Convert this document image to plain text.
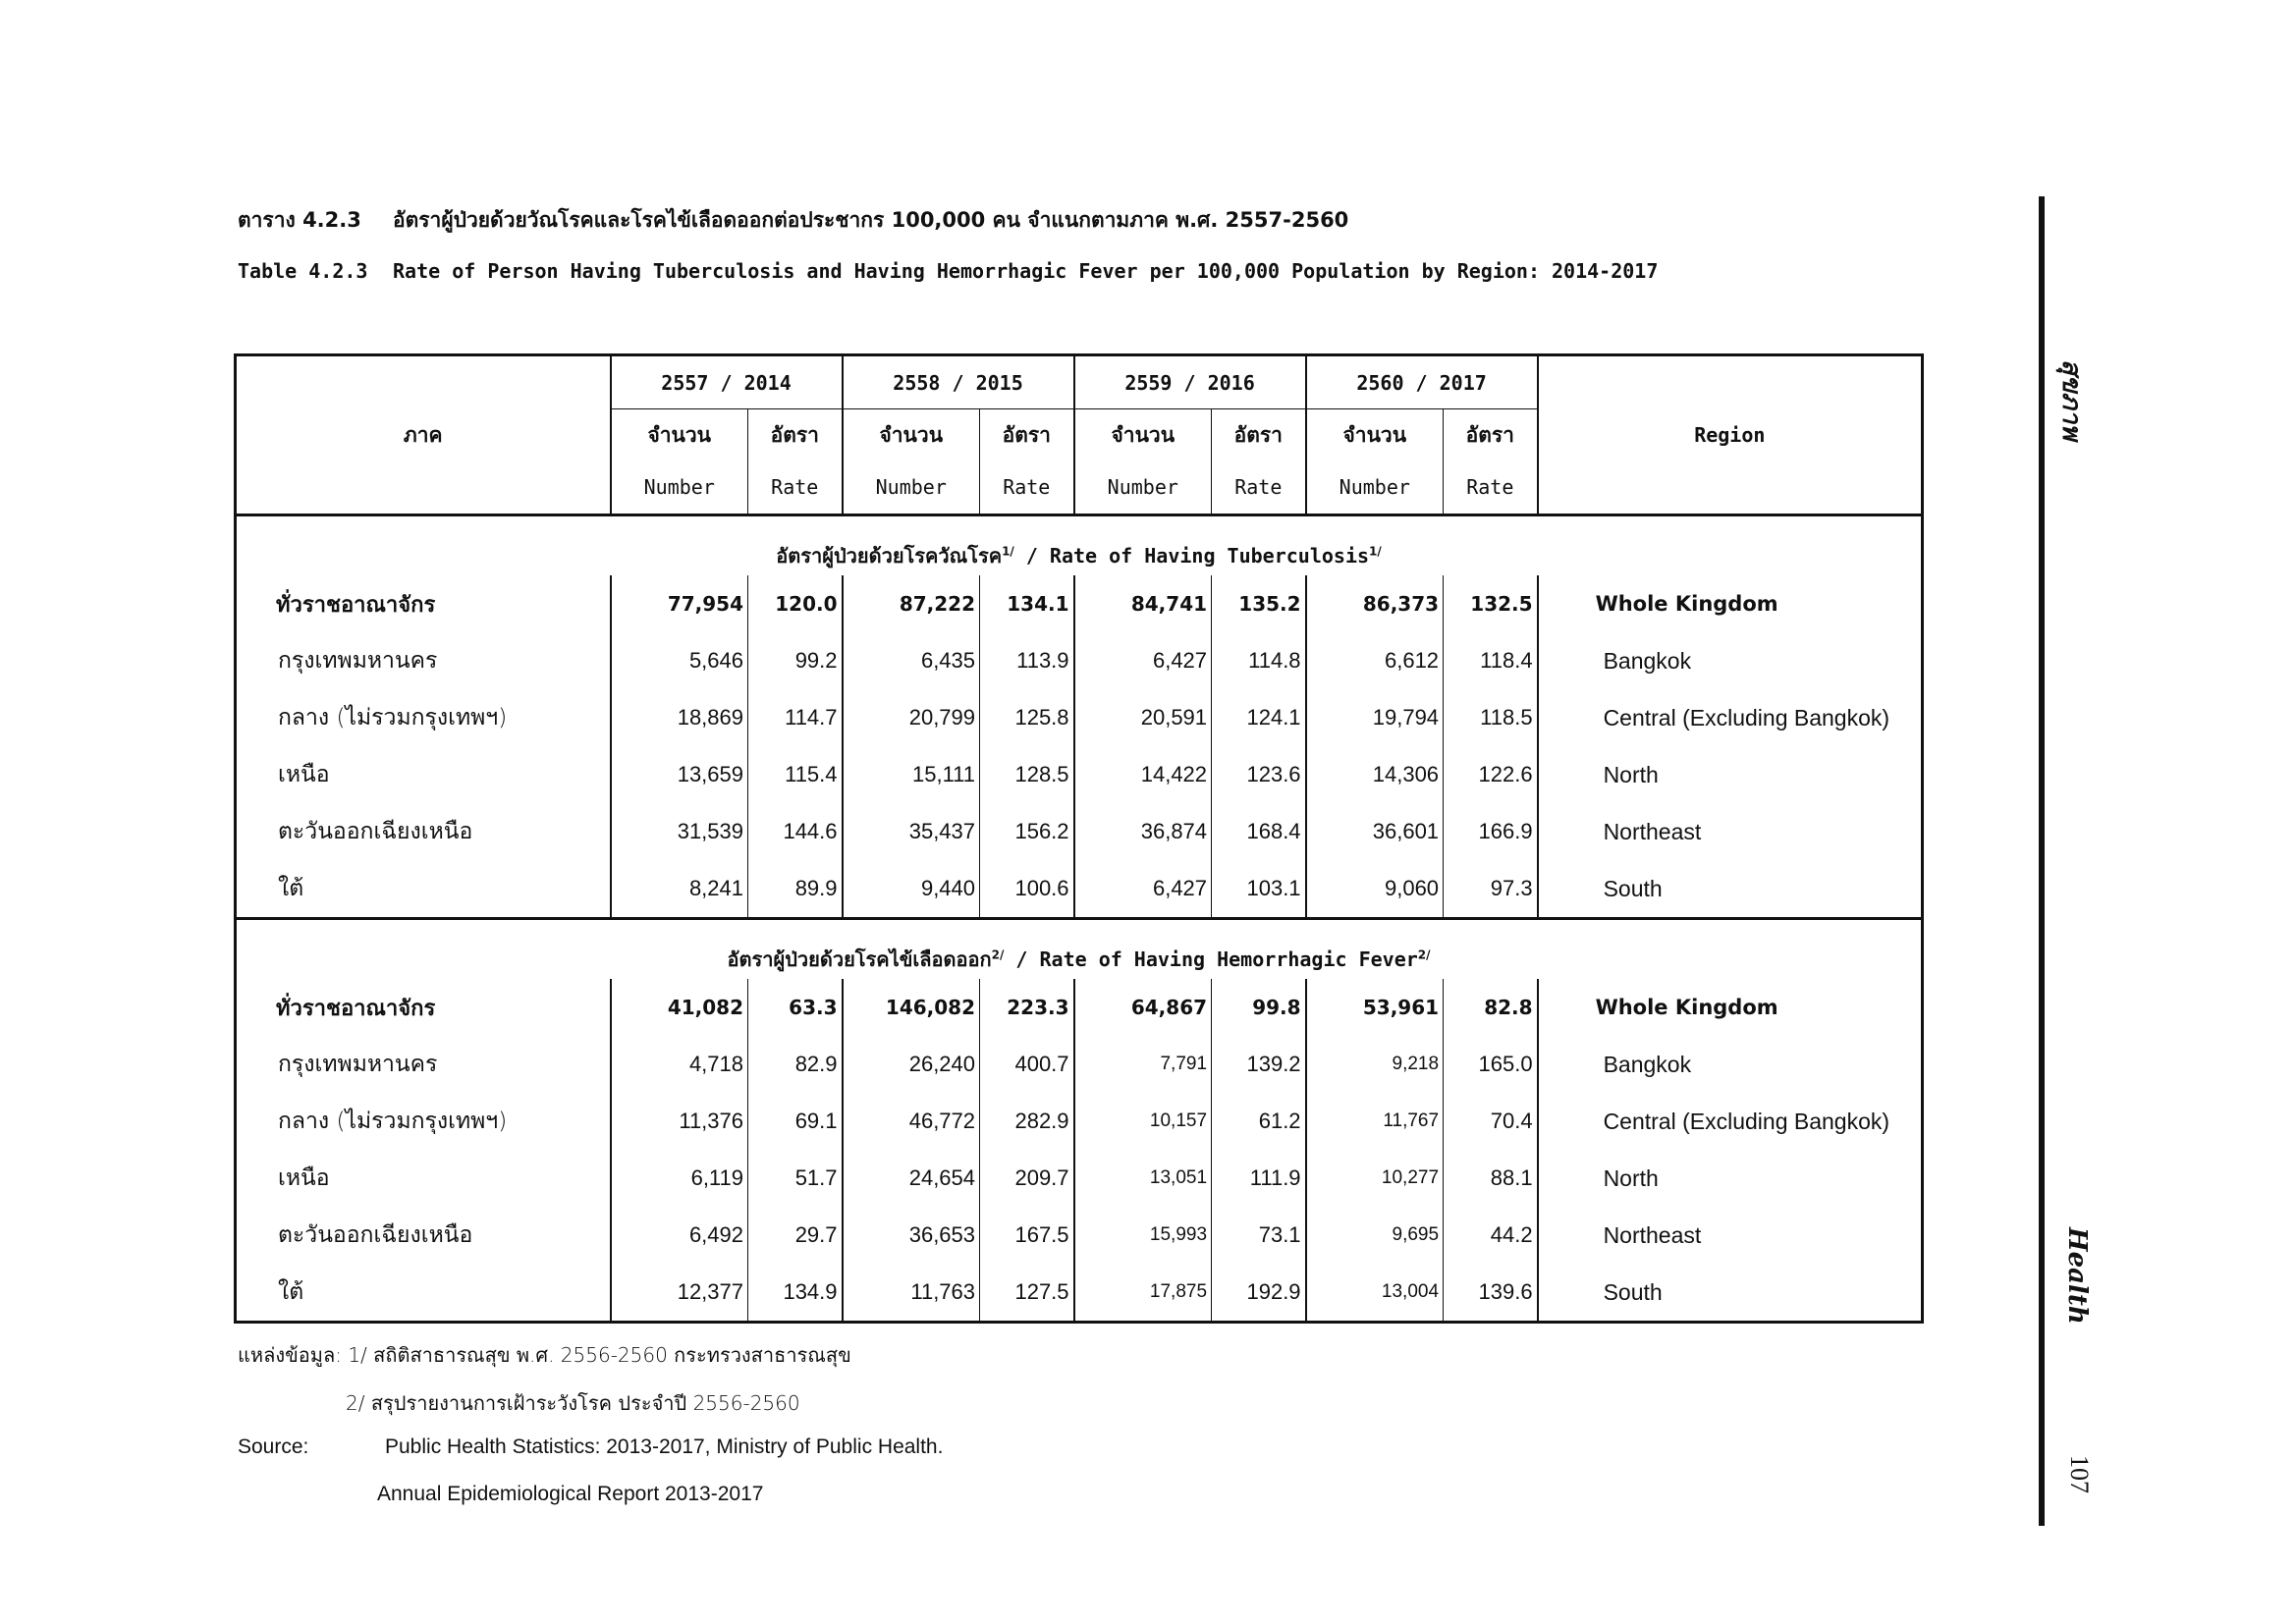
ตาราง 4.2.3 อัตราผู้ป่วยด้วยวัณโรคและโรคไข้เลือดออกต่อประชากร 100,000 คน จำแนกตามภาค พ.ศ. 2557-2560
Table 4.2.3 Rate of Person Having Tuberculosis and Having Hemorrhagic Fever per 100,000 Population by Region: 2014-2017
ภาค	2557 / 2014		2558 / 2015		2559 / 2016		2560 / 2017		Region
	จำนวน	อัตรา	จำนวน	อัตรา	จำนวน	อัตรา	จำนวน	อัตรา	
	Number	Rate	Number	Rate	Number	Rate	Number	Rate	
อัตราผู้ป่วยด้วยโรควัณโรค$^{1/}$ / Rate of Having Tuberculosis$^{1/}$
ทั่วราชอาณาจักร	77,954	120.0	87,222	134.1	84,741	135.2	86,373	132.5	Whole Kingdom
กรุงเทพมหานคร	5,646	99.2	6,435	113.9	6,427	114.8	6,612	118.4	Bangkok
กลาง (ไม่รวมกรุงเทพฯ)	18,869	114.7	20,799	125.8	20,591	124.1	19,794	118.5	Central (Excluding Bangkok)
เหนือ	13,659	115.4	15,111	128.5	14,422	123.6	14,306	122.6	North
ตะวันออกเฉียงเหนือ	31,539	144.6	35,437	156.2	36,874	168.4	36,601	166.9	Northeast
ใต้	8,241	89.9	9,440	100.6	6,427	103.1	9,060	97.3	South
อัตราผู้ป่วยด้วยโรคไข้เลือดออก$^{2/}$ / Rate of Having Hemorrhagic Fever$^{2/}$
ทั่วราชอาณาจักร	41,082	63.3	146,082	223.3	64,867	99.8	53,961	82.8	Whole Kingdom
กรุงเทพมหานคร	4,718	82.9	26,240	400.7	7,791	139.2	9,218	165.0	Bangkok
กลาง (ไม่รวมกรุงเทพฯ)	11,376	69.1	46,772	282.9	10,157	61.2	11,767	70.4	Central (Excluding Bangkok)
เหนือ	6,119	51.7	24,654	209.7	13,051	111.9	10,277	88.1	North
ตะวันออกเฉียงเหนือ	6,492	29.7	36,653	167.5	15,993	73.1	9,695	44.2	Northeast
ใต้	12,377	134.9	11,763	127.5	17,875	192.9	13,004	139.6	South
แหล่งข้อมูล: 1/ สถิติสาธารณสุข พ.ศ. 2556-2560 กระทรวงสาธารณสุข
2/ สรุปรายงานการเฝ้าระวังโรค ประจำปี 2556-2560
Source:	Public Health Statistics: 2013-2017, Ministry of Public Health.
Annual Epidemiological Report 2013-2017
สุขภาพ
Health
107
